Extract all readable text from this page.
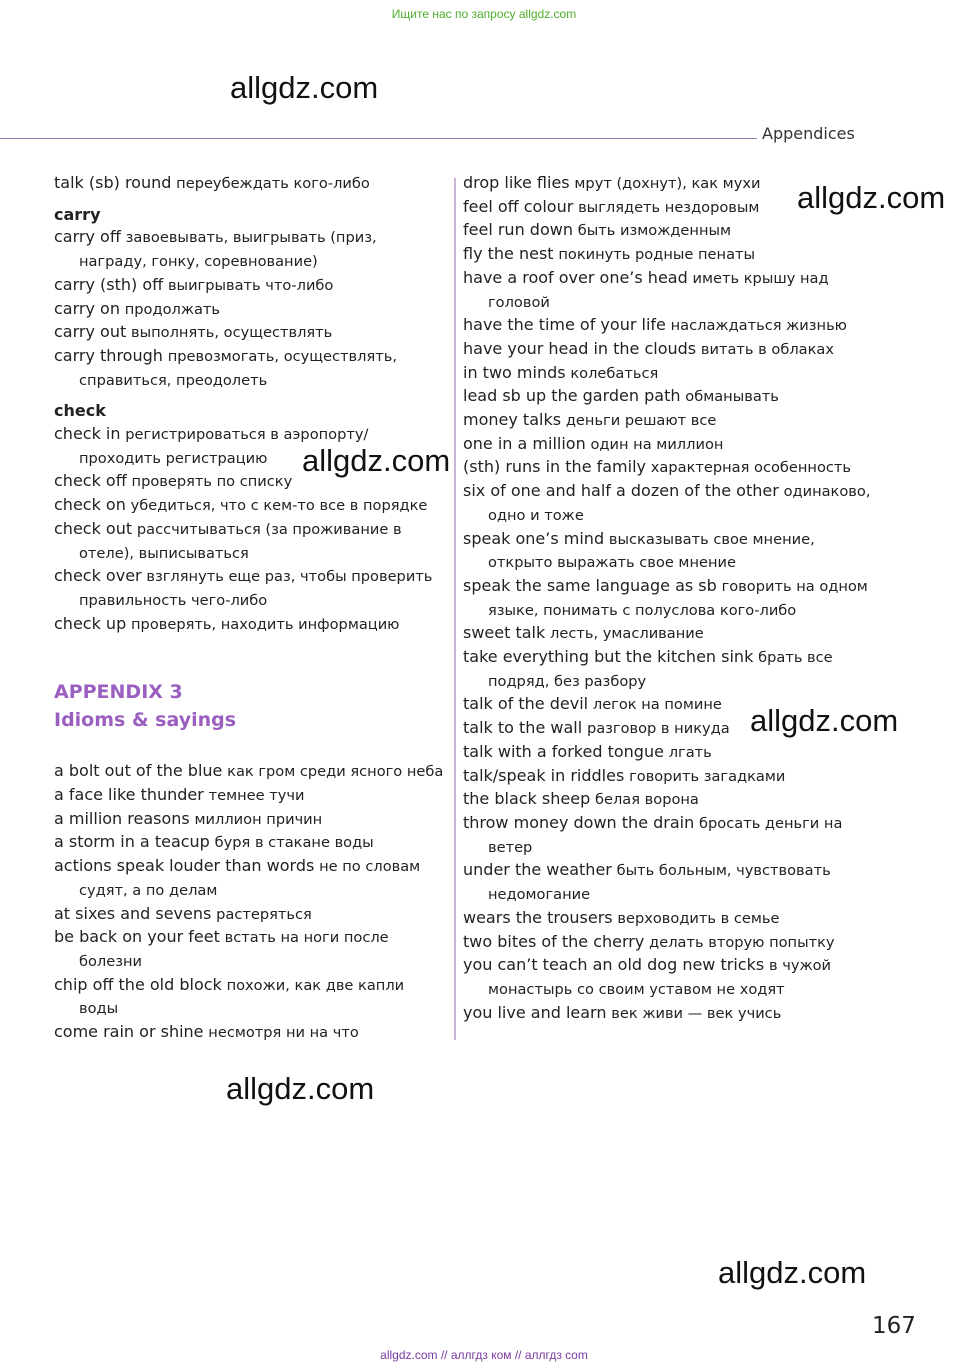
Ищите нас по запросу allgdz.com
allgdz.com
allgdz.com
allgdz.com
allgdz.com
allgdz.com
allgdz.com
Appendices
talk (sb) round переубеждать кого-либо
carry
carry off завоевывать, выигрывать (приз, награду, гонку, соревнование)
carry (sth) off выигрывать что-либо
carry on продолжать
carry out выполнять, осуществлять
carry through превозмогать, осуществлять, справиться, преодолеть
check
check in регистрироваться в аэропорту/ проходить регистрацию
check off проверять по списку
check on убедиться, что с кем-то все в порядке
check out рассчитываться (за проживание в отеле), выписываться
check over взглянуть еще раз, чтобы проверить правильность чего-либо
check up проверять, находить информацию
APPENDIX 3
Idioms & sayings
a bolt out of the blue как гром среди ясного неба
a face like thunder темнее тучи
a million reasons миллион причин
a storm in a teacup буря в стакане воды
actions speak louder than words не по словам судят, а по делам
at sixes and sevens растеряться
be back on your feet встать на ноги после болезни
chip off the old block похожи, как две капли воды
come rain or shine несмотря ни на что
drop like flies мрут (дохнут), как мухи
feel off colour выглядеть нездоровым
feel run down быть изможденным
fly the nest покинуть родные пенаты
have a roof over one’s head иметь крышу над головой
have the time of your life наслаждаться жизнью
have your head in the clouds витать в облаках
in two minds колебаться
lead sb up the garden path обманывать
money talks деньги решают все
one in a million один на миллион
(sth) runs in the family характерная особенность
six of one and half a dozen of the other одинаково, одно и тоже
speak one’s mind высказывать свое мнение, открыто выражать свое мнение
speak the same language as sb говорить на одном языке, понимать с полуслова кого-либо
sweet talk лесть, умасливание
take everything but the kitchen sink брать все подряд, без разбору
talk of the devil легок на помине
talk to the wall разговор в никуда
talk with a forked tongue лгать
talk/speak in riddles говорить загадками
the black sheep белая ворона
throw money down the drain бросать деньги на ветер
under the weather быть больным, чувствовать недомогание
wears the trousers верховодить в семье
two bites of the cherry делать вторую попытку
you can’t teach an old dog new tricks в чужой монастырь со своим уставом не ходят
you live and learn век живи — век учись
167
allgdz.com // аллгдз ком // аллгдз com
